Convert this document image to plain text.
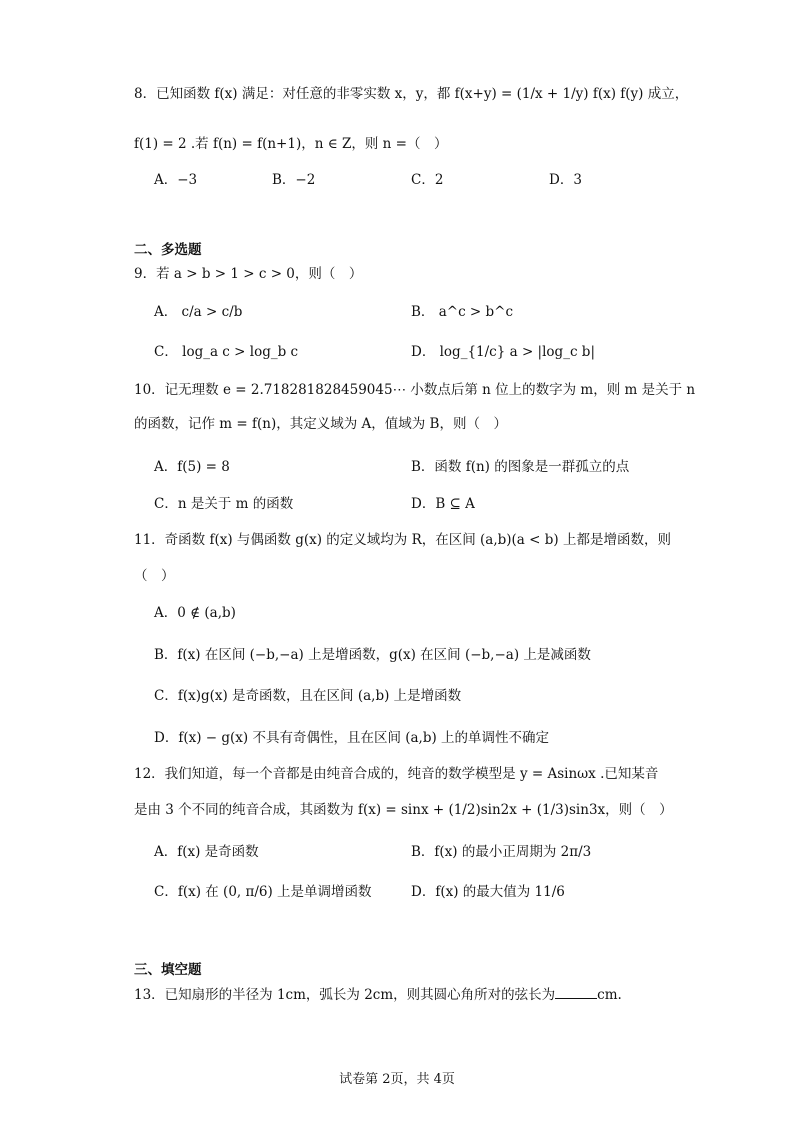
8．已知函数 f(x) 满足：对任意的非零实数 x，y，都 f(x+y) = (1/x + 1/y) f(x) f(y) 成立，
f(1) = 2 .若 f(n) = f(n+1)，n ∈ Z，则 n =（　）
A．−3	B．−2	C．2	D．3
二、多选题
9．若 a > b > 1 > c > 0，则（　）
A． c/a > c/b	B． a^c > b^c
C． log_a c > log_b c	D． log_{1/c} a > |log_c b|
10．记无理数 e = 2.718281828459045⋯ 小数点后第 n 位上的数字为 m，则 m 是关于 n
的函数，记作 m = f(n)，其定义域为 A，值域为 B，则（　）
A．f(5) = 8	B．函数 f(n) 的图象是一群孤立的点
C．n 是关于 m 的函数	D．B ⊆ A
11．奇函数 f(x) 与偶函数 g(x) 的定义域均为 R，在区间 (a,b)(a < b) 上都是增函数，则
（　）
A．0 ∉ (a,b)
B．f(x) 在区间 (−b,−a) 上是增函数，g(x) 在区间 (−b,−a) 上是减函数
C．f(x)g(x) 是奇函数，且在区间 (a,b) 上是增函数
D．f(x) − g(x) 不具有奇偶性，且在区间 (a,b) 上的单调性不确定
12．我们知道，每一个音都是由纯音合成的，纯音的数学模型是 y = Asinωx .已知某音
是由 3 个不同的纯音合成，其函数为 f(x) = sinx + (1/2)sin2x + (1/3)sin3x，则（　）
A．f(x) 是奇函数	B．f(x) 的最小正周期为 2π/3
C．f(x) 在 (0, π/6) 上是单调增函数	D．f(x) 的最大值为 11/6
三、填空题
13．已知扇形的半径为 1cm，弧长为 2cm，则其圆心角所对的弦长为	cm.
试卷第 2页，共 4页
